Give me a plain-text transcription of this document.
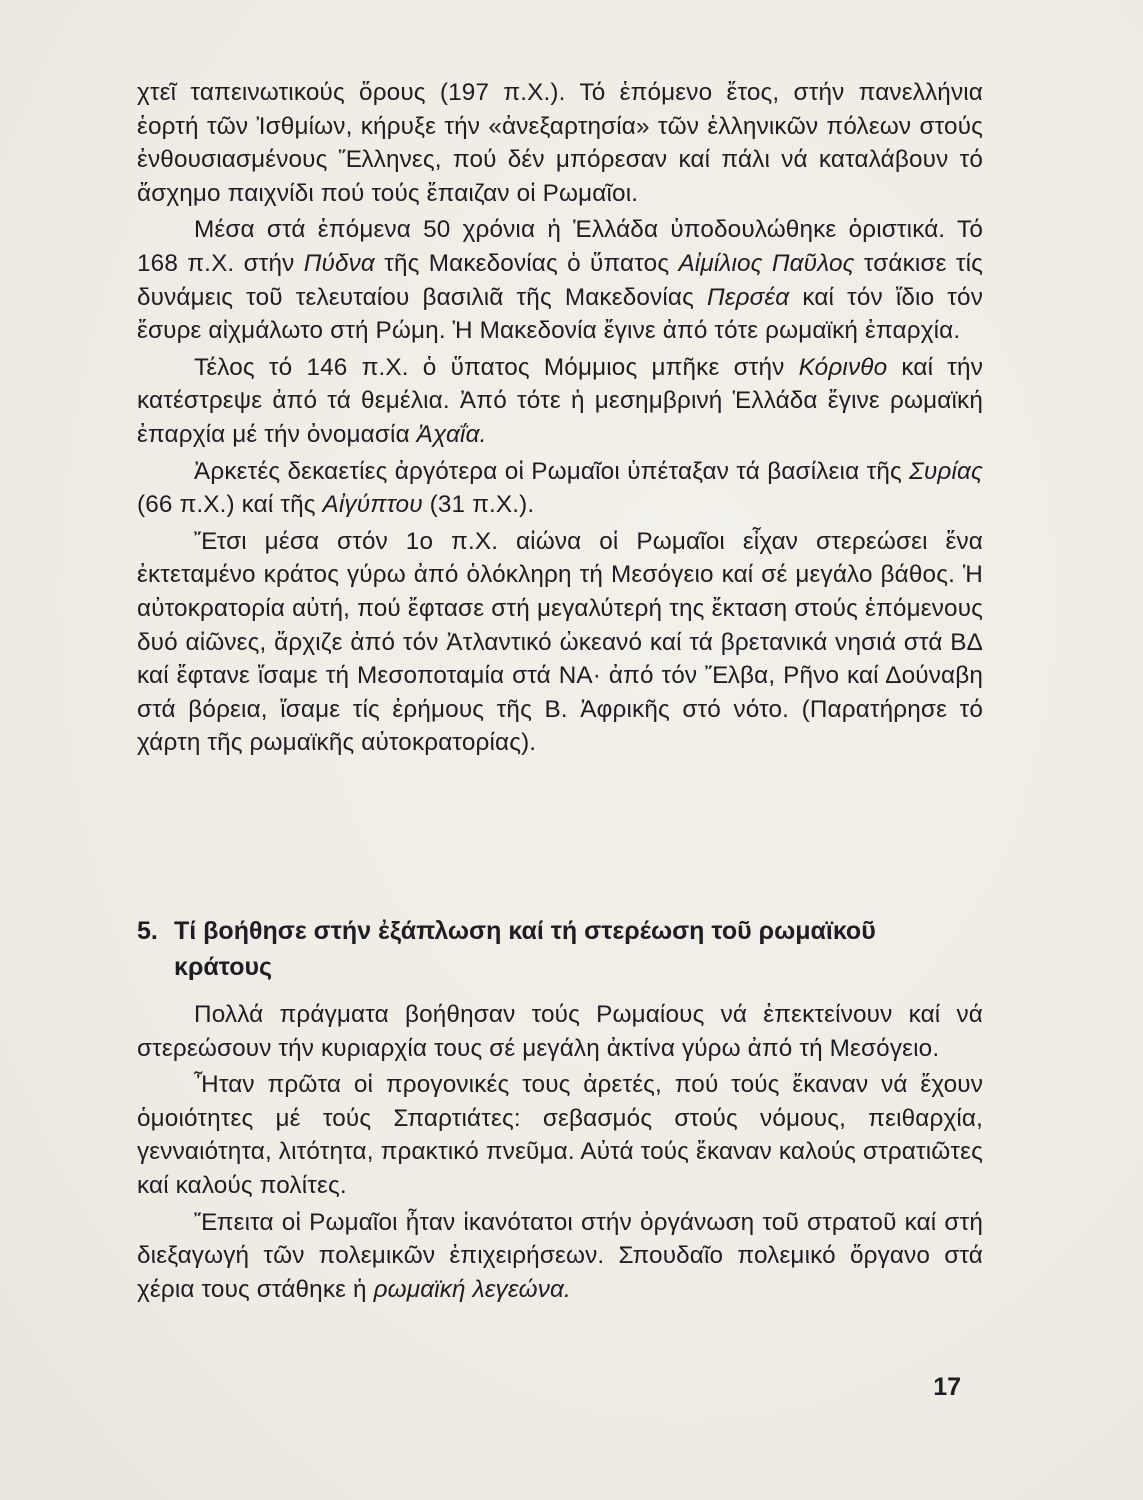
χτεῖ ταπεινωτικούς ὅρους (197 π.Χ.). Τό ἑπόμενο ἔτος, στήν πανελλήνια ἑορτή τῶν Ἰσθμίων, κήρυξε τήν «ἀνεξαρτησία» τῶν ἑλληνικῶν πόλεων στούς ἐνθουσιασμένους Ἕλληνες, πού δέν μπόρεσαν καί πάλι νά καταλάβουν τό ἄσχημο παιχνίδι πού τούς ἔπαιζαν οἱ Ρωμαῖοι.

Μέσα στά ἑπόμενα 50 χρόνια ἡ Ἑλλάδα ὑποδουλώθηκε ὁριστικά. Τό 168 π.Χ. στήν Πύδνα τῆς Μακεδονίας ὁ ὕπατος Αἰμίλιος Παῦλος τσάκισε τίς δυνάμεις τοῦ τελευταίου βασιλιᾶ τῆς Μακεδονίας Περσέα καί τόν ἴδιο τόν ἔσυρε αἰχμάλωτο στή Ρώμη. Ἡ Μακεδονία ἔγινε ἀπό τότε ρωμαϊκή ἐπαρχία.

Τέλος τό 146 π.Χ. ὁ ὕπατος Μόμμιος μπῆκε στήν Κόρινθο καί τήν κατέστρεψε ἀπό τά θεμέλια. Ἀπό τότε ἡ μεσημβρινή Ἑλλάδα ἔγινε ρωμαϊκή ἐπαρχία μέ τήν ὀνομασία Ἀχαΐα.

Ἀρκετές δεκαετίες ἀργότερα οἱ Ρωμαῖοι ὑπέταξαν τά βασίλεια τῆς Συρίας (66 π.Χ.) καί τῆς Αἰγύπτου (31 π.Χ.).

Ἔτσι μέσα στόν 1ο π.Χ. αἰώνα οἱ Ρωμαῖοι εἶχαν στερεώσει ἕνα ἐκτεταμένο κράτος γύρω ἀπό ὁλόκληρη τή Μεσόγειο καί σέ μεγάλο βάθος. Ἡ αὐτοκρατορία αὐτή, πού ἔφτασε στή μεγαλύτερή της ἔκταση στούς ἑπόμενους δυό αἰῶνες, ἄρχιζε ἀπό τόν Ἀτλαντικό ὠκεανό καί τά βρετανικά νησιά στά ΒΔ καί ἔφτανε ἴσαμε τή Μεσοποταμία στά ΝΑ· ἀπό τόν Ἔλβα, Ρῆνο καί Δούναβη στά βόρεια, ἴσαμε τίς ἐρήμους τῆς Β. Ἀφρικῆς στό νότο. (Παρατήρησε τό χάρτη τῆς ρωμαϊκῆς αὐτοκρατορίας).

5. Τί βοήθησε στήν ἐξάπλωση καί τή στερέωση τοῦ ρωμαϊκοῦ
κράτους

Πολλά πράγματα βοήθησαν τούς Ρωμαίους νά ἐπεκτείνουν καί νά στερεώσουν τήν κυριαρχία τους σέ μεγάλη ἀκτίνα γύρω ἀπό τή Μεσόγειο.

Ἦταν πρῶτα οἱ προγονικές τους ἀρετές, πού τούς ἔκαναν νά ἔχουν ὁμοιότητες μέ τούς Σπαρτιάτες: σεβασμός στούς νόμους, πειθαρχία, γενναιότητα, λιτότητα, πρακτικό πνεῦμα. Αὐτά τούς ἔκαναν καλούς στρατιῶτες καί καλούς πολίτες.

Ἔπειτα οἱ Ρωμαῖοι ἦταν ἱκανότατοι στήν ὀργάνωση τοῦ στρατοῦ καί στή διεξαγωγή τῶν πολεμικῶν ἐπιχειρήσεων. Σπουδαῖο πολεμικό ὄργανο στά χέρια τους στάθηκε ἡ ρωμαϊκή λεγεώνα.

17
